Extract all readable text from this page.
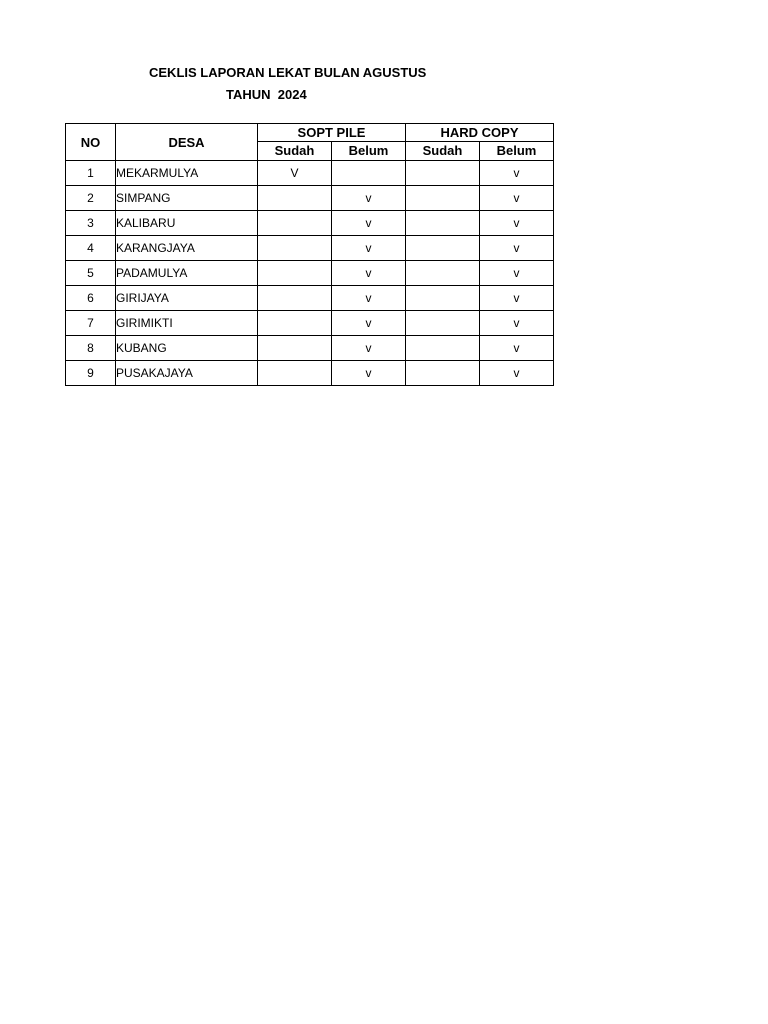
CEKLIS LAPORAN LEKAT BULAN AGUSTUS
TAHUN  2024
NO	DESA	SOPT PILE		HARD COPY	
		Sudah	Belum	Sudah	Belum
1	MEKARMULYA	V			v
2	SIMPANG		v		v
3	KALIBARU		v		v
4	KARANGJAYA		v		v
5	PADAMULYA		v		v
6	GIRIJAYA		v		v
7	GIRIMIKTI		v		v
8	KUBANG		v		v
9	PUSAKAJAYA		v		v
